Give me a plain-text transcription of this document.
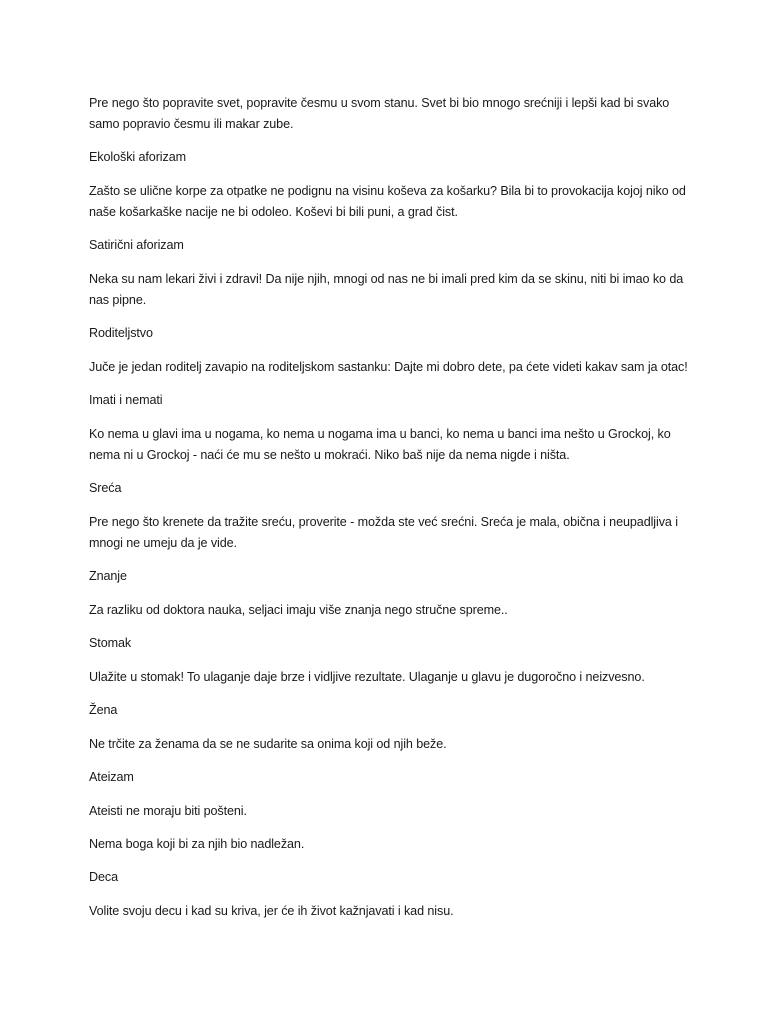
Pre nego što popravite svet, popravite česmu u svom stanu. Svet bi bio mnogo srećniji i lepši kad bi svako samo popravio česmu ili makar zube.

Ekološki aforizam

Zašto se ulične korpe za otpatke ne podignu na visinu koševa za košarku? Bila bi to provokacija kojoj niko od naše košarkaške nacije ne bi odoleo. Koševi bi bili puni, a grad čist.

Satirični aforizam

Neka su nam lekari živi i zdravi! Da nije njih, mnogi od nas ne bi imali pred kim da se skinu, niti bi imao ko da nas pipne.

Roditeljstvo

Juče je jedan roditelj zavapio na roditeljskom sastanku: Dajte mi dobro dete, pa ćete videti kakav sam ja otac!

Imati i nemati

Ko nema u glavi ima u nogama, ko nema u nogama ima u banci, ko nema u banci ima nešto u Grockoj, ko nema ni u Grockoj - naći će mu se nešto u mokraći. Niko baš nije da nema nigde i ništa.

Sreća

Pre nego što krenete da tražite sreću, proverite - možda ste već srećni. Sreća je mala, obična i neupadljiva i mnogi ne umeju da je vide.

Znanje

Za razliku od doktora nauka, seljaci imaju više znanja nego stručne spreme..

Stomak

Ulažite u stomak! To ulaganje daje brze i vidljive rezultate. Ulaganje u glavu je dugoročno i neizvesno.

Žena

Ne trčite za ženama da se ne sudarite sa onima koji od njih beže.

Ateizam

Ateisti ne moraju biti pošteni.

Nema boga koji bi za njih bio nadležan.

Deca

Volite svoju decu i kad su kriva, jer će ih život kažnjavati i kad nisu.
